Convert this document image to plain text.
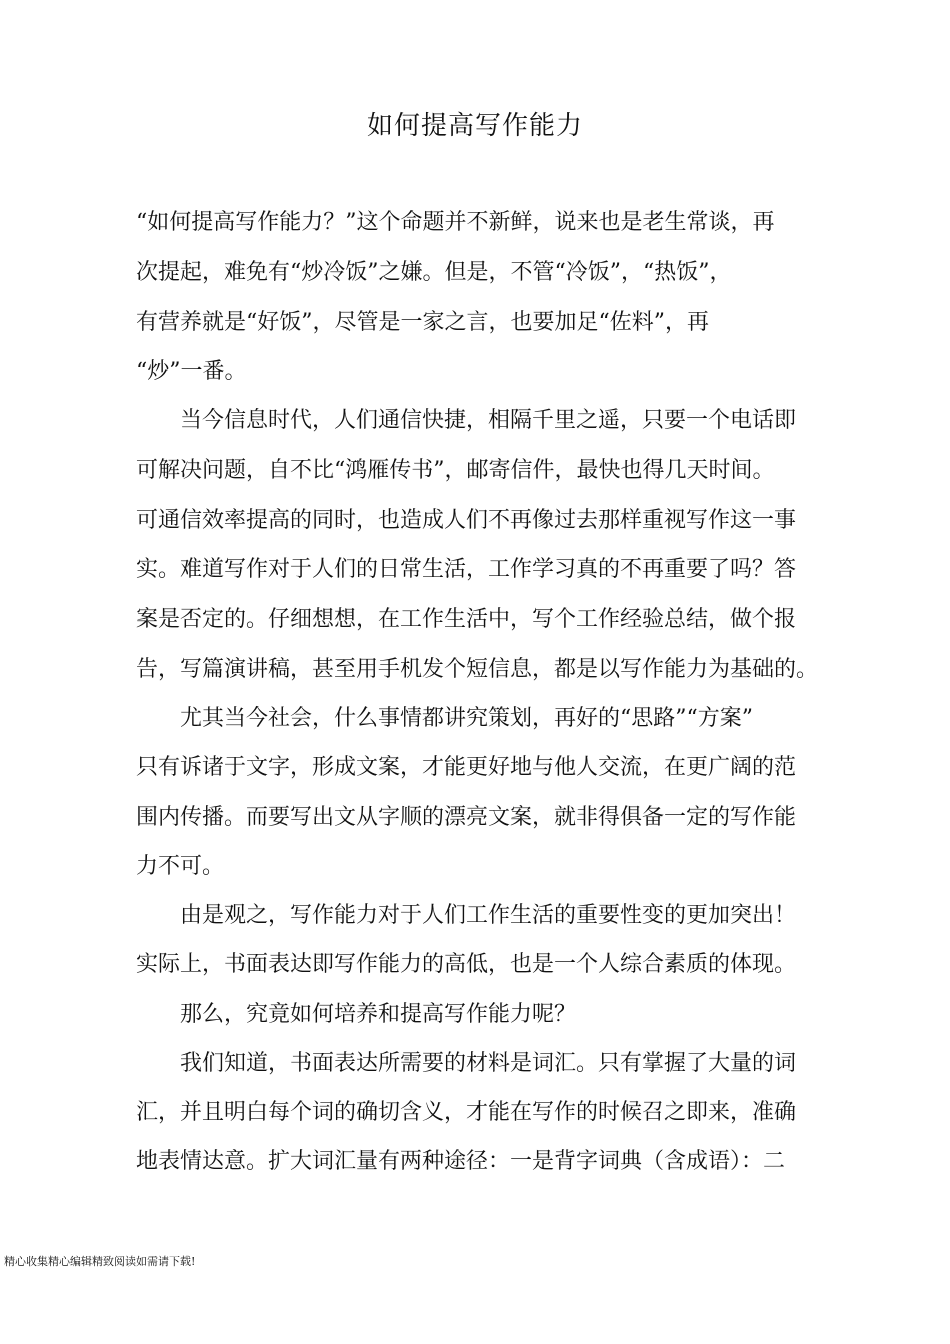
如何提高写作能力
“如何提高写作能力？”这个命题并不新鲜，说来也是老生常谈，再
次提起，难免有“炒冷饭”之嫌。但是，不管“冷饭”，“热饭”，
有营养就是“好饭”，尽管是一家之言，也要加足“佐料”，再
“炒”一番。
当今信息时代，人们通信快捷，相隔千里之遥，只要一个电话即
可解决问题，自不比“鸿雁传书”，邮寄信件，最快也得几天时间。
可通信效率提高的同时，也造成人们不再像过去那样重视写作这一事
实。难道写作对于人们的日常生活，工作学习真的不再重要了吗？答
案是否定的。仔细想想，在工作生活中，写个工作经验总结，做个报
告，写篇演讲稿，甚至用手机发个短信息，都是以写作能力为基础的。
尤其当今社会，什么事情都讲究策划，再好的“思路”“方案”
只有诉诸于文字，形成文案，才能更好地与他人交流，在更广阔的范
围内传播。而要写出文从字顺的漂亮文案，就非得俱备一定的写作能
力不可。
由是观之，写作能力对于人们工作生活的重要性变的更加突出！
实际上，书面表达即写作能力的高低，也是一个人综合素质的体现。
那么，究竟如何培养和提高写作能力呢？
我们知道，书面表达所需要的材料是词汇。只有掌握了大量的词
汇，并且明白每个词的确切含义，才能在写作的时候召之即来，准确
地表情达意。扩大词汇量有两种途径：一是背字词典（含成语）：二
精心收集精心编辑精致阅读如需请下载!
